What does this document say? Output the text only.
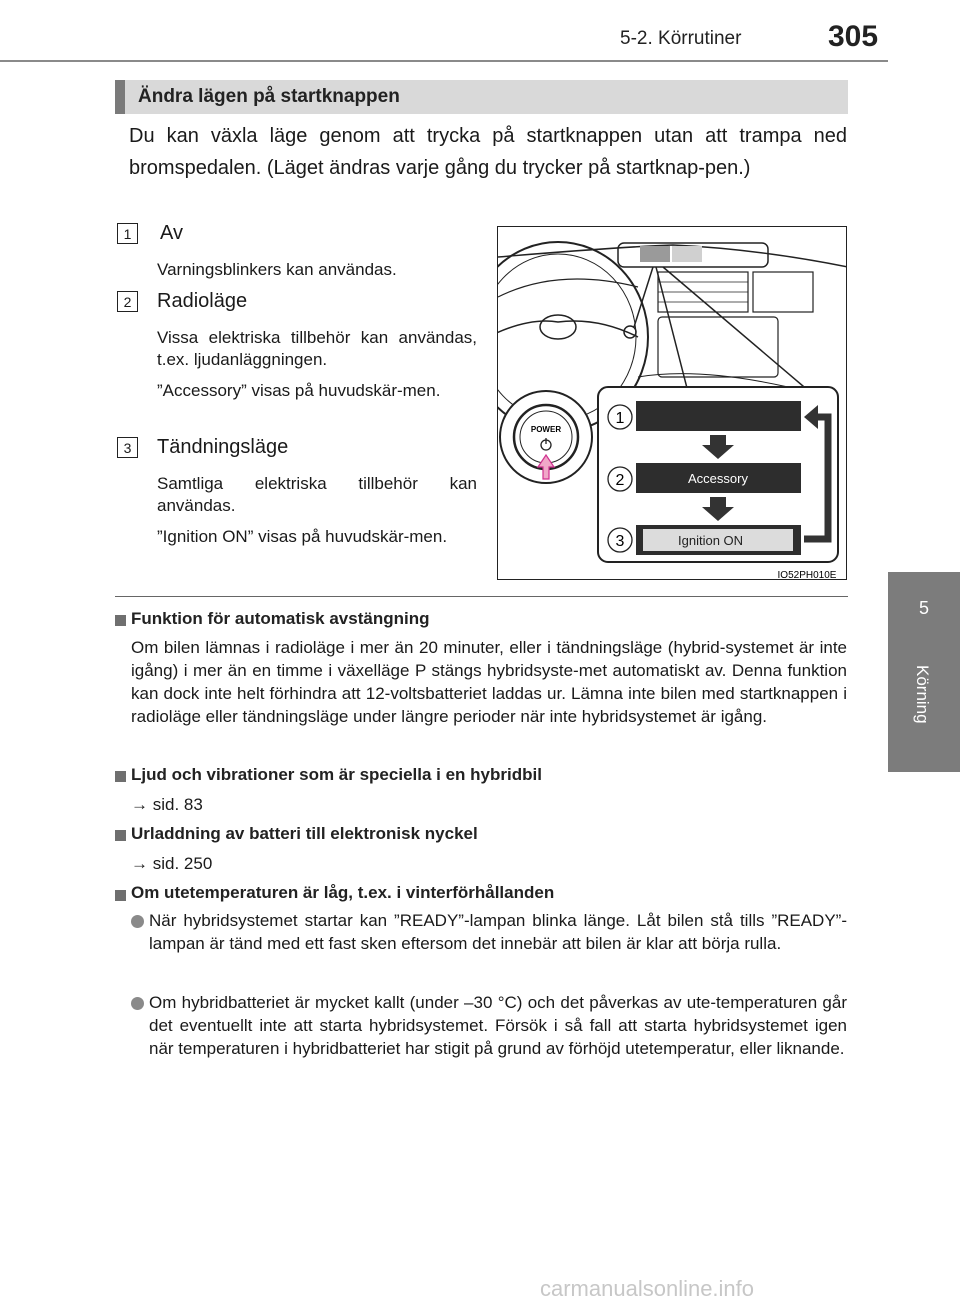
5-2. Körrutiner	305
5
Körning
Ändra lägen på startknappen
Du kan växla läge genom att trycka på startknappen utan att trampa ned bromspedalen. (Läget ändras varje gång du trycker på startknap-pen.)
1	Av
Varningsblinkers kan användas.
2	Radioläge
Vissa elektriska tillbehör kan användas, t.ex. ljudanläggningen.
”Accessory” visas på huvudskär-men.
3	Tändningsläge
Samtliga elektriska tillbehör kan användas.
”Ignition ON” visas på huvudskär-men.
POWER
Accessory
Ignition ON
1
2
3
IO52PH010E
Funktion för automatisk avstängning
Om bilen lämnas i radioläge i mer än 20 minuter, eller i tändningsläge (hybrid-systemet är inte igång) i mer än en timme i växelläge P stängs hybridsyste-met automatiskt av. Denna funktion kan dock inte helt förhindra att 12-voltsbatteriet laddas ur. Lämna inte bilen med startknappen i radioläge eller tändningsläge under längre perioder när inte hybridsystemet är igång.
Ljud och vibrationer som är speciella i en hybridbil
→ sid. 83
Urladdning av batteri till elektronisk nyckel
→ sid. 250
Om utetemperaturen är låg, t.ex. i vinterförhållanden
När hybridsystemet startar kan ”READY”-lampan blinka länge. Låt bilen stå tills ”READY”-lampan är tänd med ett fast sken eftersom det innebär att bilen är klar att börja rulla.
Om hybridbatteriet är mycket kallt (under –30 °C) och det påverkas av ute-temperaturen går det eventuellt inte att starta hybridsystemet. Försök i så fall att starta hybridsystemet igen när temperaturen i hybridbatteriet har stigit på grund av förhöjd utetemperatur, eller liknande.
carmanualsonline.info
